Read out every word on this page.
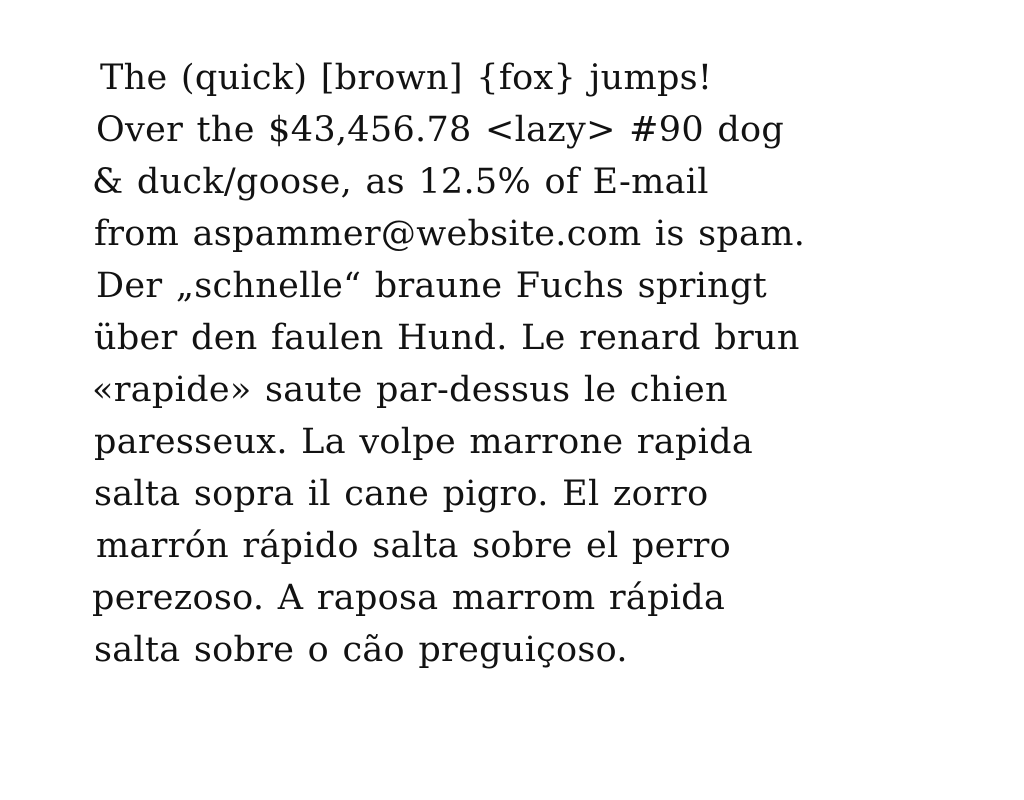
The (quick) [brown] {fox} jumps!
Over the $43,456.78 <lazy> #90 dog
& duck/goose, as 12.5% of E-mail
from aspammer@website.com is spam.
Der „schnelle“ braune Fuchs springt
über den faulen Hund. Le renard brun
«rapide» saute par-dessus le chien
paresseux. La volpe marrone rapida
salta sopra il cane pigro. El zorro
marrón rápido salta sobre el perro
perezoso. A raposa marrom rápida
salta sobre o cão preguiçoso.
